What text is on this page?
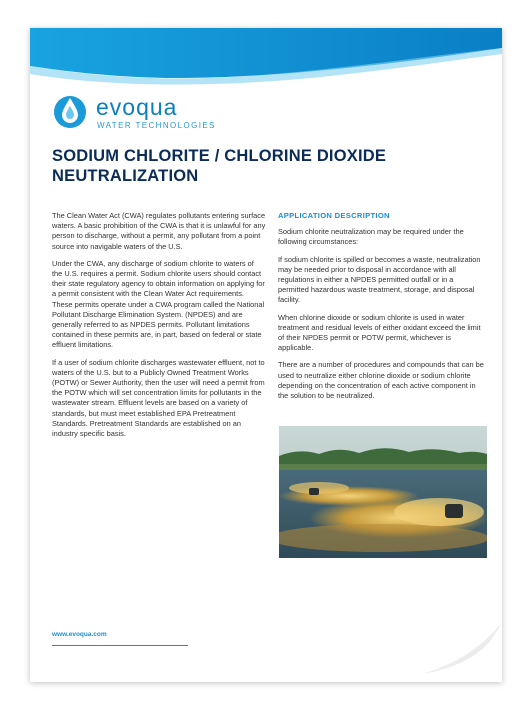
evoqua
WATER TECHNOLOGIES
SODIUM CHLORITE / CHLORINE DIOXIDE
NEUTRALIZATION

The Clean Water Act (CWA) regulates pollutants entering surface waters. A basic prohibition of the CWA is that it is unlawful for any person to discharge, without a permit, any pollutant from a point source into navigable waters of the U.S.

Under the CWA, any discharge of sodium chlorite to waters of the U.S. requires a permit. Sodium chlorite users should contact their state regulatory agency to obtain information on applying for a permit consistent with the Clean Water Act requirements. These permits operate under a CWA program called the National Pollutant Discharge Elimination System. (NPDES) and are generally referred to as NPDES permits. Pollutant limitations contained in these permits are, in part, based on federal or state effluent limitations.

If a user of sodium chlorite discharges wastewater effluent, not to waters of the U.S. but to a Publicly Owned Treatment Works (POTW) or Sewer Authority, then the user will need a permit from the POTW which will set concentration limits for pollutants in the wastewater stream. Effluent levels are based on a variety of standards, but must meet established EPA Pretreatment Standards. Pretreatment Standards are established on an industry specific basis.

APPLICATION DESCRIPTION

Sodium chlorite neutralization may be required under the following circumstances:

If sodium chlorite is spilled or becomes a waste, neutralization may be needed prior to disposal in accordance with all regulations in either a NPDES permitted outfall or in a permitted hazardous waste treatment, storage, and disposal facility.

When chlorine dioxide or sodium chlorite is used in water treatment and residual levels of either oxidant exceed the limit of their NPDES permit or POTW permit, whichever is applicable.

There are a number of procedures and compounds that can be used to neutralize either chlorine dioxide or sodium chlorite depending on the concentration of each active component in the solution to be neutralized.

www.evoqua.com
